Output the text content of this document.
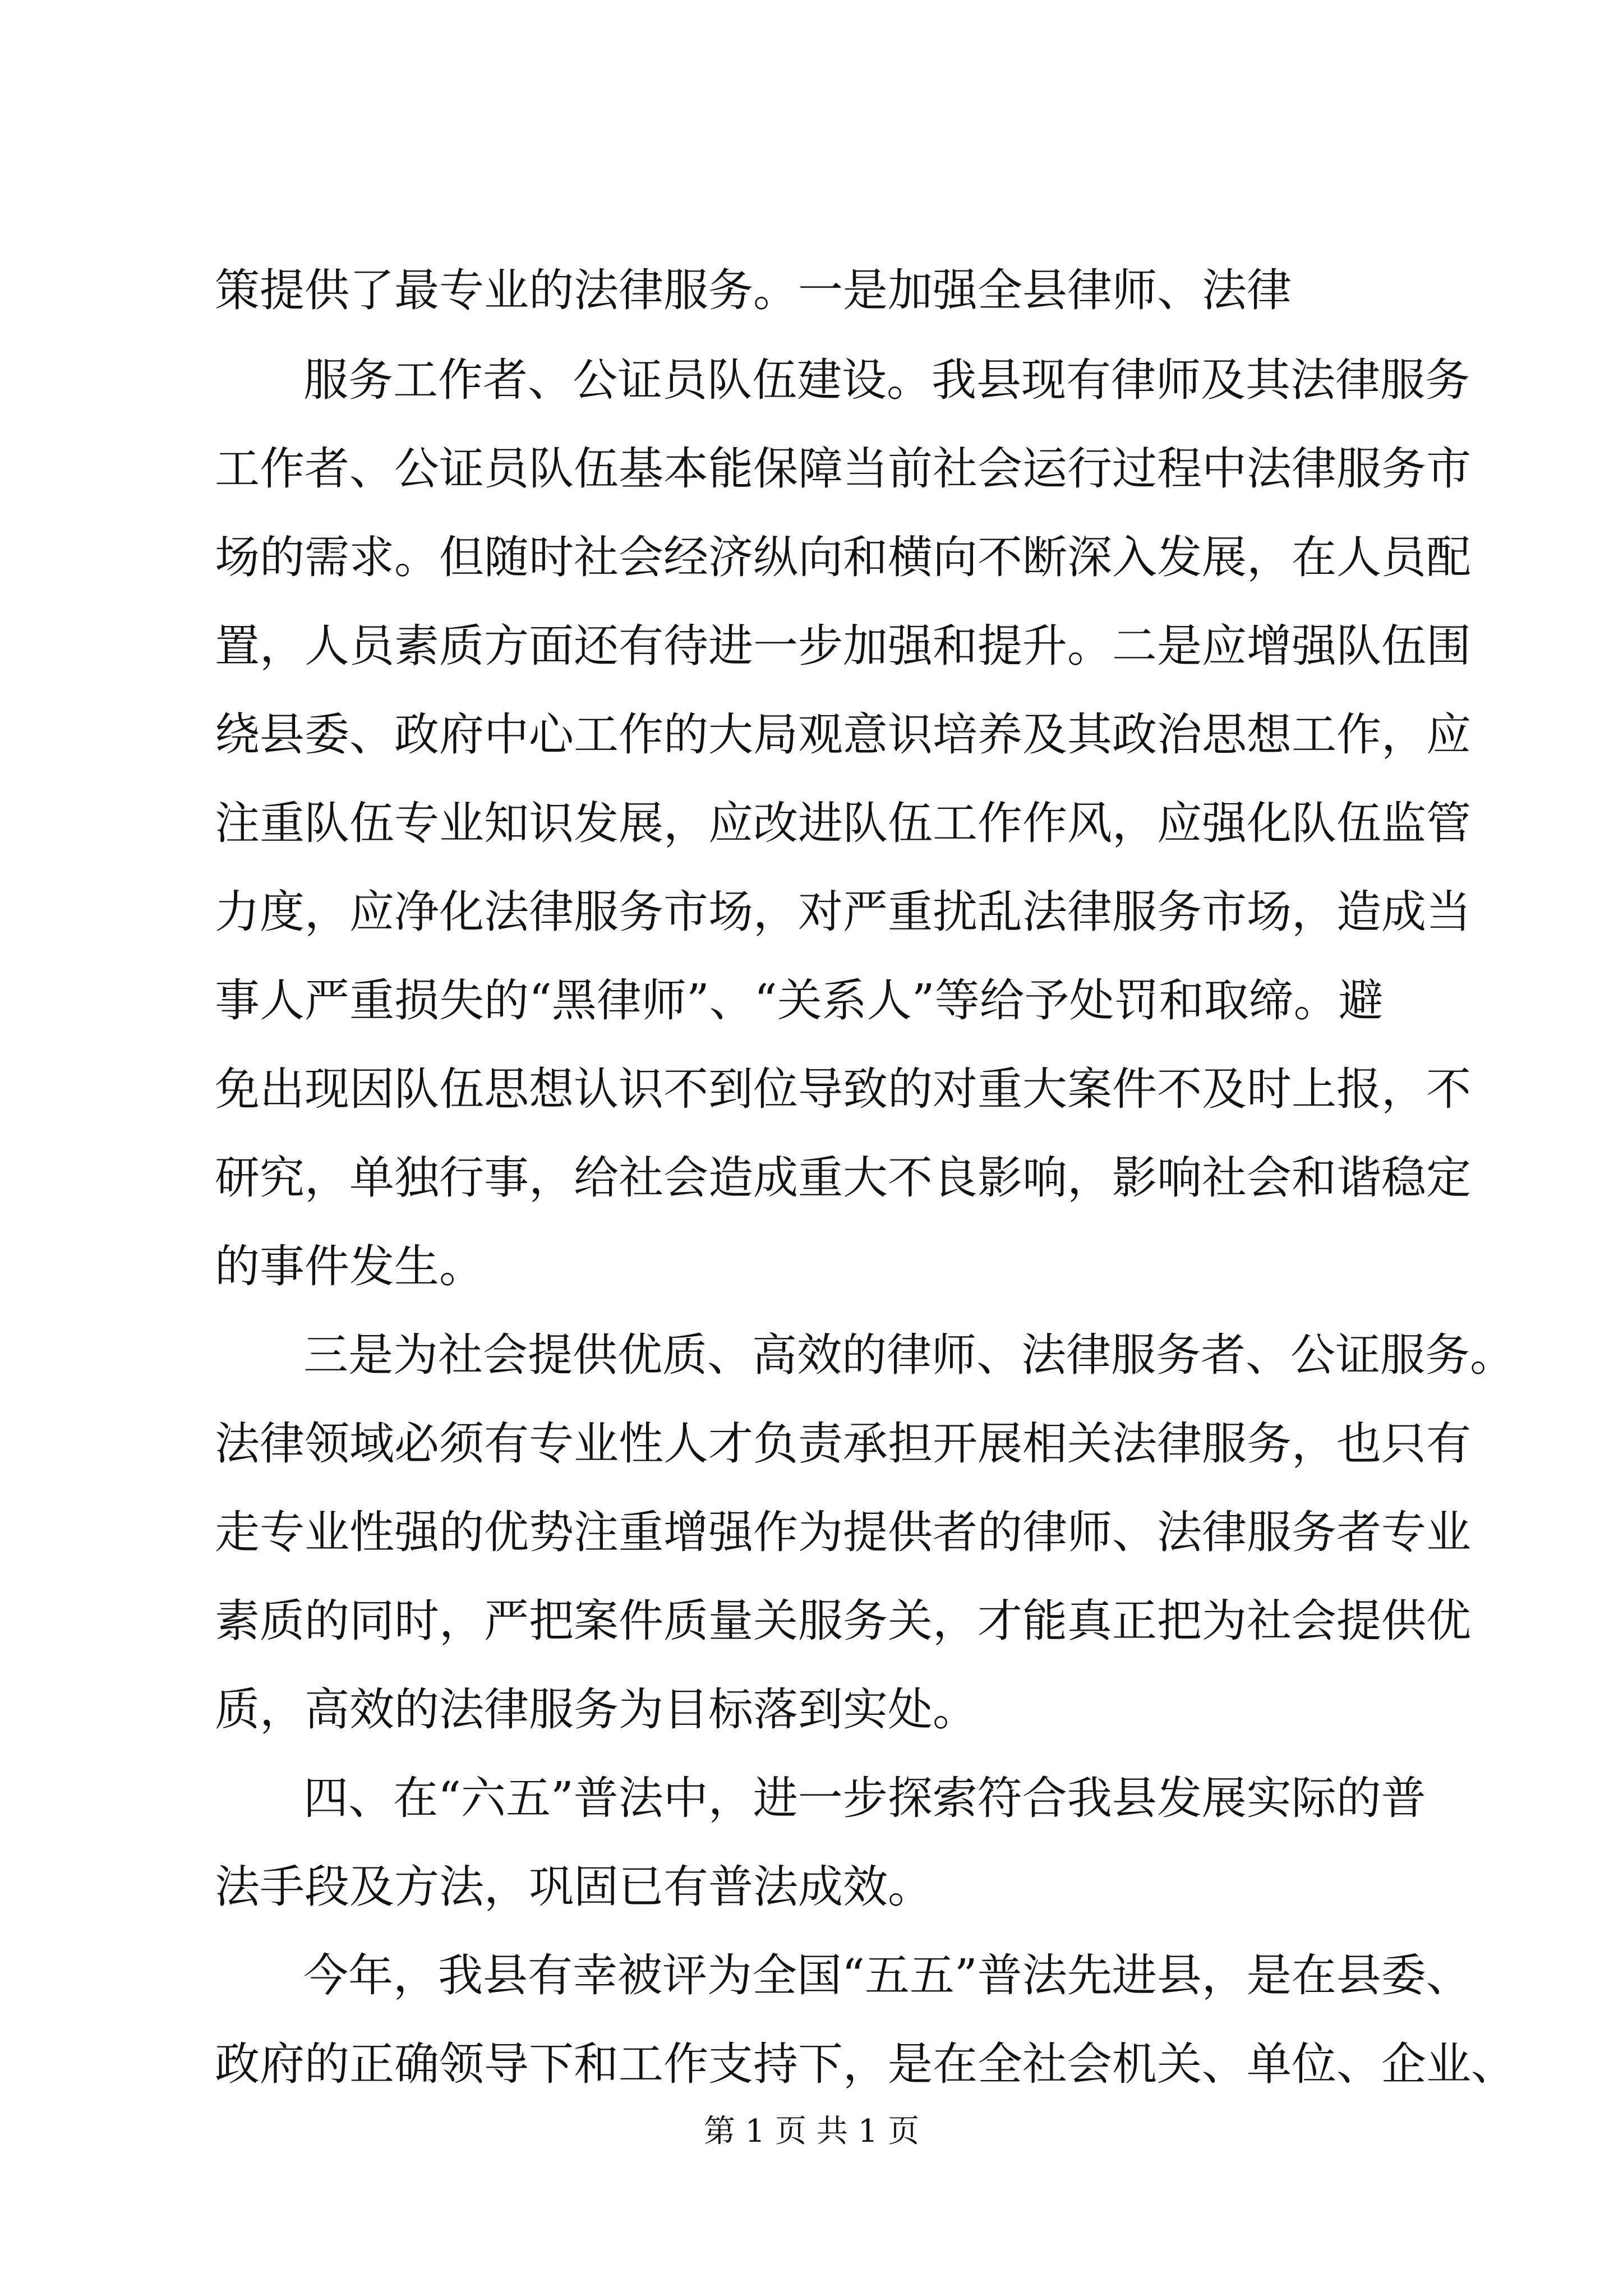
策提供了最专业的法律服务。一是加强全县律师、法律
服务工作者、公证员队伍建设。我县现有律师及其法律服务
工作者、公证员队伍基本能保障当前社会运行过程中法律服务市
场的需求。但随时社会经济纵向和横向不断深入发展，在人员配
置，人员素质方面还有待进一步加强和提升。二是应增强队伍围
绕县委、政府中心工作的大局观意识培养及其政治思想工作，应
注重队伍专业知识发展，应改进队伍工作作风，应强化队伍监管
力度，应净化法律服务市场，对严重扰乱法律服务市场，造成当
事人严重损失的“黑律师”、“关系人”等给予处罚和取缔。避
免出现因队伍思想认识不到位导致的对重大案件不及时上报，不
研究，单独行事，给社会造成重大不良影响，影响社会和谐稳定
的事件发生。
三是为社会提供优质、高效的律师、法律服务者、公证服务。
法律领域必须有专业性人才负责承担开展相关法律服务，也只有
走专业性强的优势注重增强作为提供者的律师、法律服务者专业
素质的同时，严把案件质量关服务关，才能真正把为社会提供优
质，高效的法律服务为目标落到实处。
四、在“六五”普法中，进一步探索符合我县发展实际的普
法手段及方法，巩固已有普法成效。
今年，我县有幸被评为全国“五五”普法先进县，是在县委、
政府的正确领导下和工作支持下，是在全社会机关、单位、企业、
第 1 页 共 1 页
